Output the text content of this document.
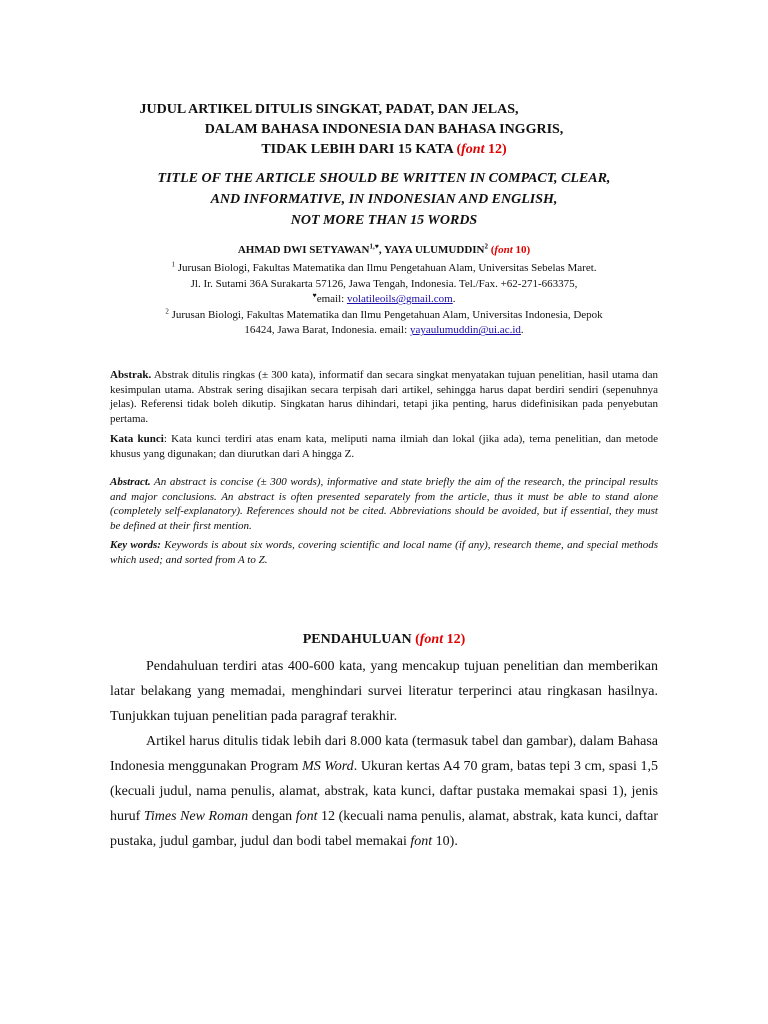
JUDUL ARTIKEL DITULIS SINGKAT, PADAT, DAN JELAS,
DALAM BAHASA INDONESIA DAN BAHASA INGGRIS,
TIDAK LEBIH DARI 15 KATA (font 12)
TITLE OF THE ARTICLE SHOULD BE WRITTEN IN COMPACT, CLEAR,
AND INFORMATIVE, IN INDONESIAN AND ENGLISH,
NOT MORE THAN 15 WORDS
AHMAD DWI $SETYAWAN^{1,♥}$, YAYA ULUMUDDIN$^2$ (font 10)
$^1$ Jurusan Biologi, Fakultas Matematika dan Ilmu Pengetahuan Alam, Universitas Sebelas Maret.
Jl. Ir. Sutami 36A Surakarta 57126, Jawa Tengah, Indonesia. Tel./Fax. +62-271-663375,
♥email: volatileoils@gmail.com.
$^2$ Jurusan Biologi, Fakultas Matematika dan Ilmu Pengetahuan Alam, Universitas Indonesia, Depok
16424, Jawa Barat, Indonesia. email: yayaulumuddin@ui.ac.id.
Abstrak. Abstrak ditulis ringkas (± 300 kata), informatif dan secara singkat menyatakan tujuan penelitian, hasil utama dan kesimpulan utama. Abstrak sering disajikan secara terpisah dari artikel, sehingga harus dapat berdiri sendiri (sepenuhnya jelas). Referensi tidak boleh dikutip. Singkatan harus dihindari, tetapi jika penting, harus didefinisikan pada penyebutan pertama.
Kata kunci: Kata kunci terdiri atas enam kata, meliputi nama ilmiah dan lokal (jika ada), tema penelitian, dan metode khusus yang digunakan; dan diurutkan dari A hingga Z.
Abstract. An abstract is concise (± 300 words), informative and state briefly the aim of the research, the principal results and major conclusions. An abstract is often presented separately from the article, thus it must be able to stand alone (completely self-explanatory). References should not be cited. Abbreviations should be avoided, but if essential, they must be defined at their first mention.
Key words: Keywords is about six words, covering scientific and local name (if any), research theme, and special methods which used; and sorted from A to Z.
PENDAHULUAN (font 12)
Pendahuluan terdiri atas 400-600 kata, yang mencakup tujuan penelitian dan memberikan latar belakang yang memadai, menghindari survei literatur terperinci atau ringkasan hasilnya. Tunjukkan tujuan penelitian pada paragraf terakhir.
Artikel harus ditulis tidak lebih dari 8.000 kata (termasuk tabel dan gambar), dalam Bahasa Indonesia menggunakan Program MS Word. Ukuran kertas A4 70 gram, batas tepi 3 cm, spasi 1,5 (kecuali judul, nama penulis, alamat, abstrak, kata kunci, daftar pustaka memakai spasi 1), jenis huruf Times New Roman dengan font 12 (kecuali nama penulis, alamat, abstrak, kata kunci, daftar pustaka, judul gambar, judul dan bodi tabel memakai font 10).
